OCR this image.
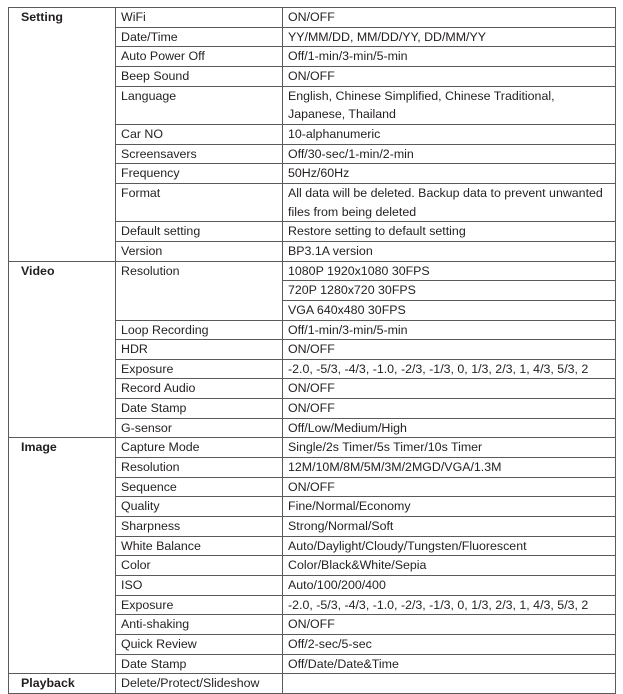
Setting	WiFi	ON/OFF
	Date/Time	YY/MM/DD, MM/DD/YY, DD/MM/YY
	Auto Power Off	Off/1-min/3-min/5-min
	Beep Sound	ON/OFF
	Language	English, Chinese Simplified, Chinese Traditional, Japanese, Thailand
	Car NO	10-alphanumeric
	Screensavers	Off/30-sec/1-min/2-min
	Frequency	50Hz/60Hz
	Format	All data will be deleted. Backup data to prevent unwanted files from being deleted
	Default setting	Restore setting to default setting
	Version	BP3.1A version
Video	Resolution	1080P 1920x1080 30FPS
		720P 1280x720 30FPS
		VGA 640x480 30FPS
	Loop Recording	Off/1-min/3-min/5-min
	HDR	ON/OFF
	Exposure	-2.0, -5/3, -4/3, -1.0, -2/3, -1/3, 0, 1/3, 2/3, 1, 4/3, 5/3, 2
	Record Audio	ON/OFF
	Date Stamp	ON/OFF
	G-sensor	Off/Low/Medium/High
Image	Capture Mode	Single/2s Timer/5s Timer/10s Timer
	Resolution	12M/10M/8M/5M/3M/2MGD/VGA/1.3M
	Sequence	ON/OFF
	Quality	Fine/Normal/Economy
	Sharpness	Strong/Normal/Soft
	White Balance	Auto/Daylight/Cloudy/Tungsten/Fluorescent
	Color	Color/Black&White/Sepia
	ISO	Auto/100/200/400
	Exposure	-2.0, -5/3, -4/3, -1.0, -2/3, -1/3, 0, 1/3, 2/3, 1, 4/3, 5/3, 2
	Anti-shaking	ON/OFF
	Quick Review	Off/2-sec/5-sec
	Date Stamp	Off/Date/Date&Time
Playback	Delete/Protect/Slideshow	
